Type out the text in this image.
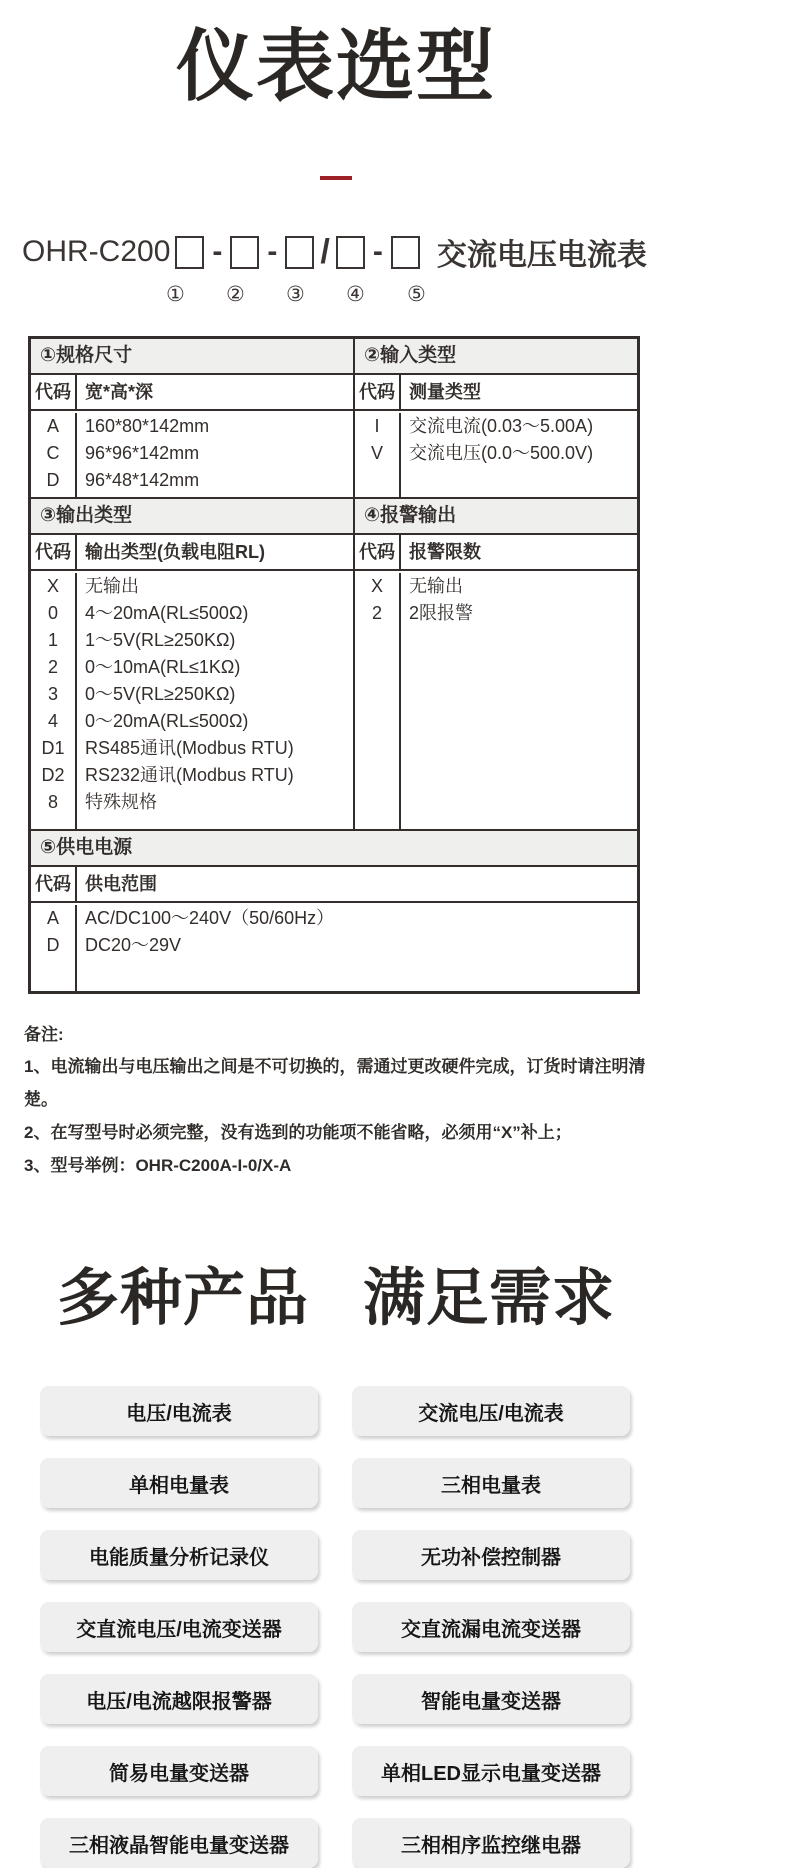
仪表选型
OHR-C200 - - / - 交流电压电流表
① ② ③ ④ ⑤
①规格尺寸
代码 宽*高*深
A
C
D
160*80*142mm
96*96*142mm
96*48*142mm
②输入类型
代码 测量类型
I
V
交流电流(0.03～5.00A)
交流电压(0.0～500.0V)
③输出类型
代码 输出类型(负载电阻RL)
X
0
1
2
3
4
D1
D2
8
无输出
4～20mA(RL≤500Ω)
1～5V(RL≥250KΩ)
0～10mA(RL≤1KΩ)
0～5V(RL≥250KΩ)
0～20mA(RL≤500Ω)
RS485通讯(Modbus RTU)
RS232通讯(Modbus RTU)
特殊规格
④报警输出
代码 报警限数
X
2
无输出
2限报警
⑤供电电源
代码 供电范围
A
D
AC/DC100～240V（50/60Hz）
DC20～29V
备注:
1、电流输出与电压输出之间是不可切换的，需通过更改硬件完成，订货时请注明清楚。
2、在写型号时必须完整，没有选到的功能项不能省略，必须用“X”补上；
3、型号举例：OHR-C200A-I-0/X-A
多种产品 满足需求
电压/电流表
单相电量表
电能质量分析记录仪
交直流电压/电流变送器
电压/电流越限报警器
简易电量变送器
三相液晶智能电量变送器
交流电压/电流表
三相电量表
无功补偿控制器
交直流漏电流变送器
智能电量变送器
单相LED显示电量变送器
三相相序监控继电器
